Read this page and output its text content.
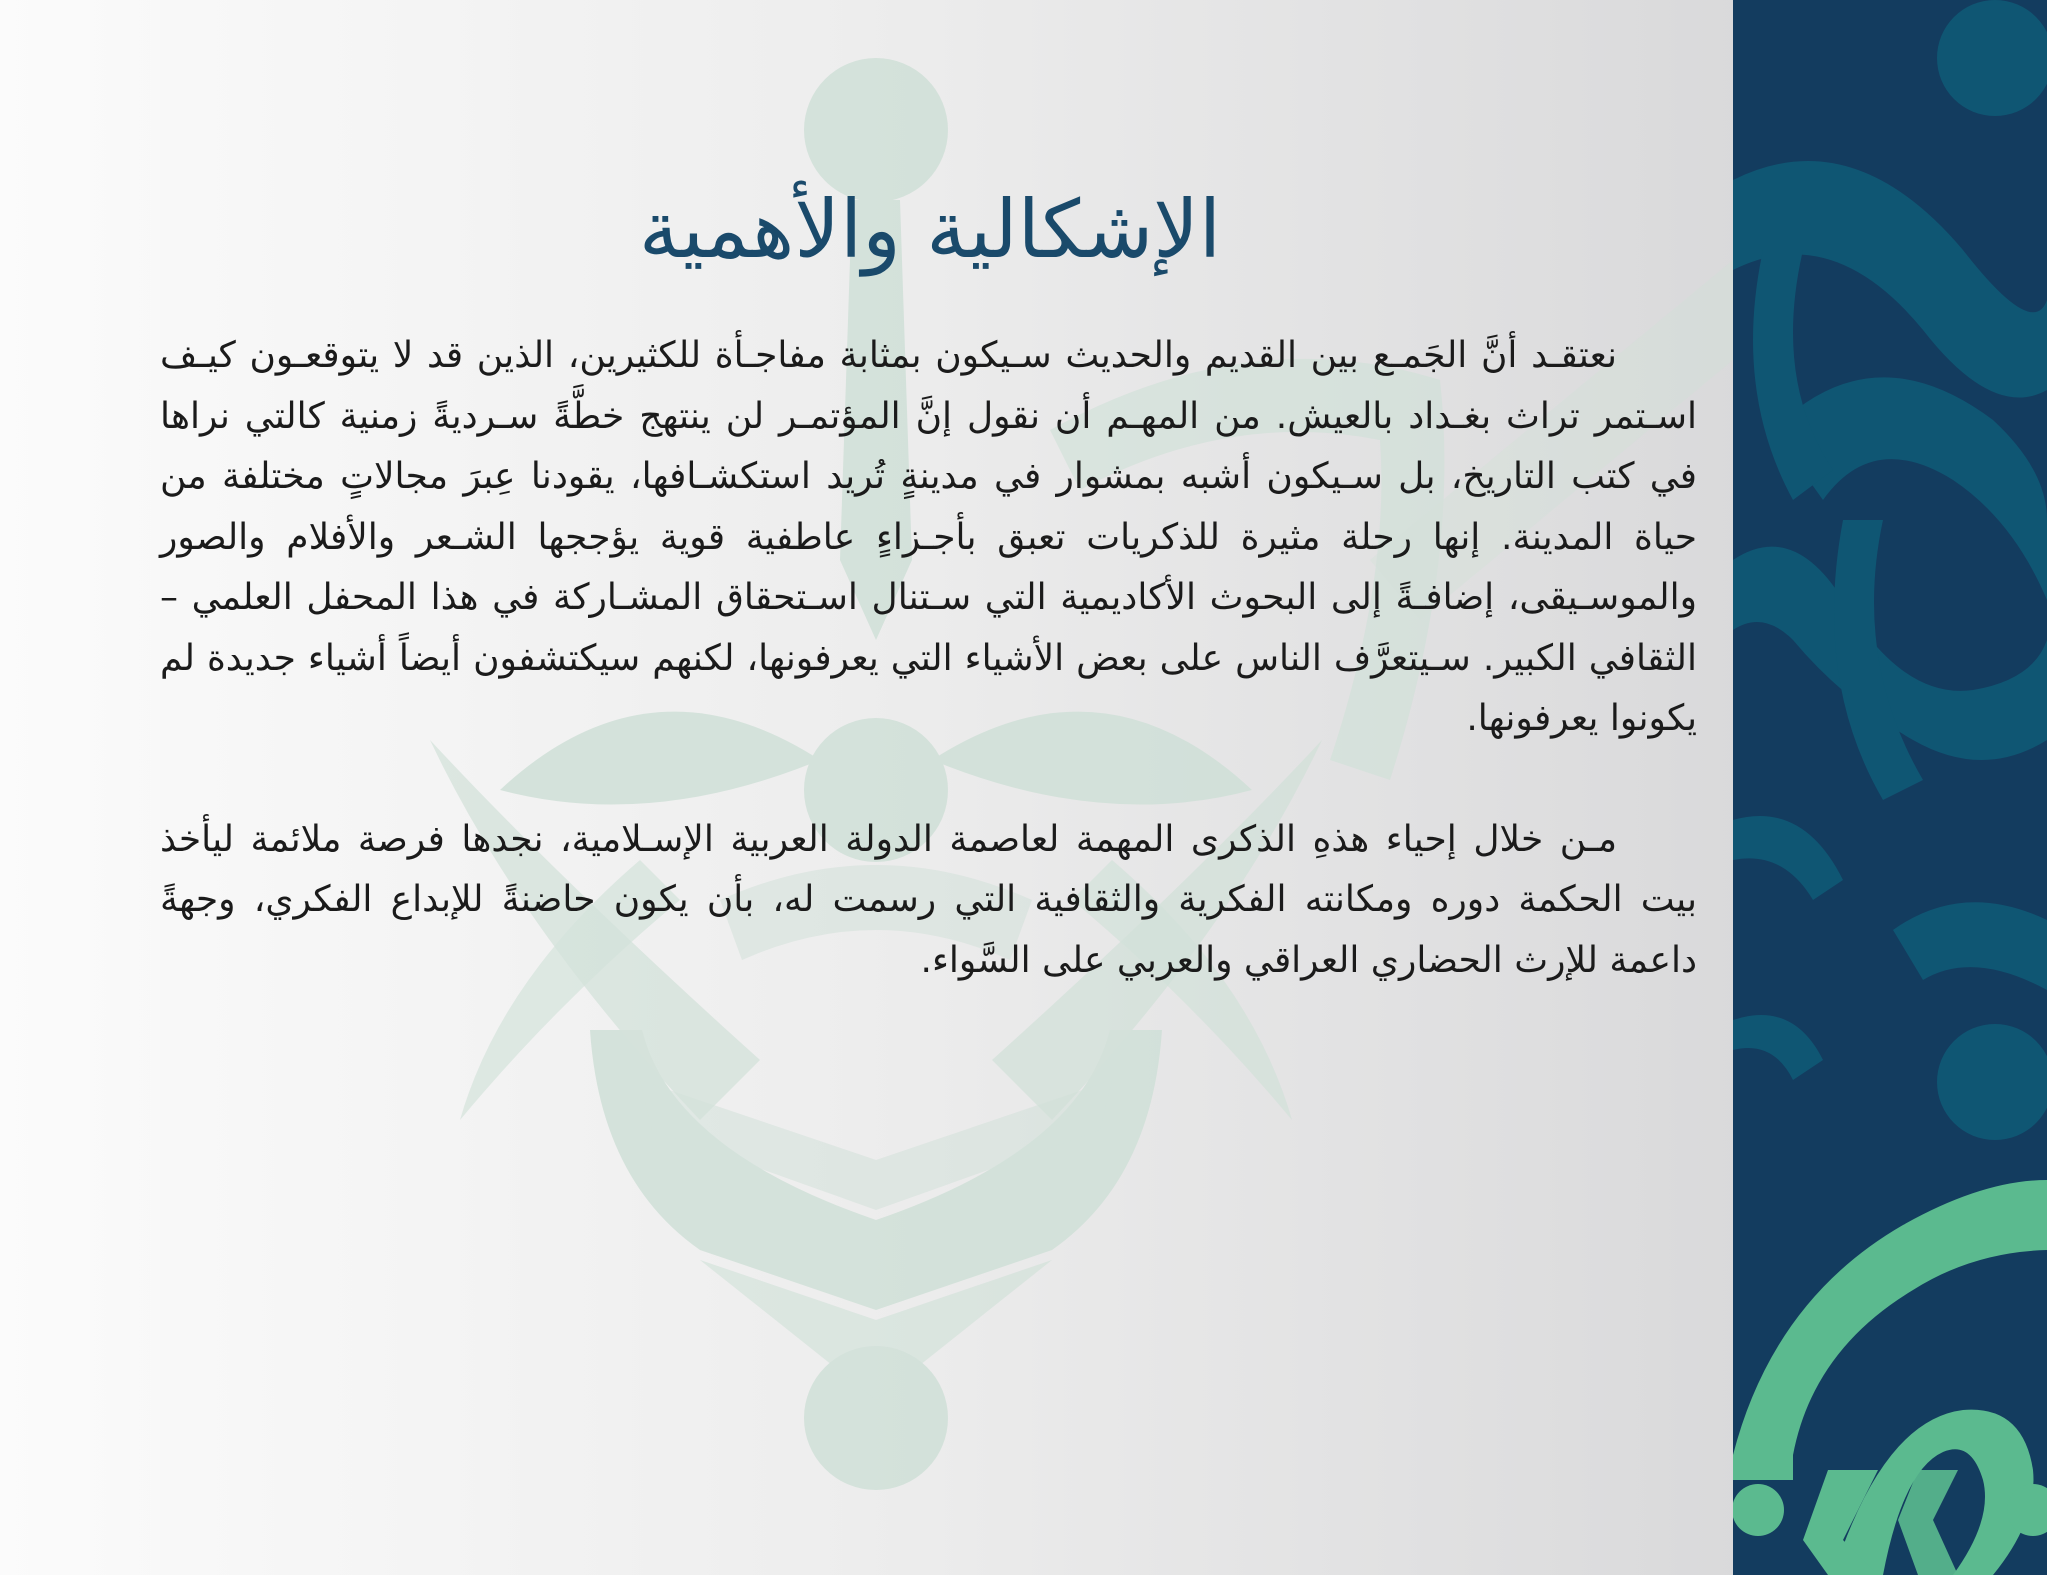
الإشكالية والأهمية

نعتقـد أنَّ الجَمـع بين القديم والحديث سـيكون بمثابة مفاجـأة للكثيرين، الذين قد لا يتوقعـون كيـف اسـتمر تراث بغـداد بالعيش. من المهـم أن نقول إنَّ المؤتمـر لن ينتهج خطَّةً سـرديةً زمنية كالتي نراها في كتب التاريخ، بل سـيكون أشبه بمشوار في مدينةٍ تُريد استكشـافها، يقودنا عِبرَ مجالاتٍ مختلفة من حياة المدينة. إنها رحلة مثيرة للذكريات تعبق بأجـزاءٍ عاطفية قوية يؤججها الشـعر والأفلام والصور والموسـيقى، إضافـةً إلى البحوث الأكاديمية التي سـتنال اسـتحقاق المشـاركة في هذا المحفل العلمي – الثقافي الكبير. سـيتعرَّف الناس على بعض الأشياء التي يعرفونها، لكنهم سيكتشفون أيضاً أشياء جديدة لم يكونوا يعرفونها.

مـن خلال إحياء هذهِ الذكرى المهمة لعاصمة الدولة العربية الإسـلامية، نجدها فرصة ملائمة ليأخذ بيت الحكمة دوره ومكانته الفكرية والثقافية التي رسمت له، بأن يكون حاضنةً للإبداع الفكري، وجهةً داعمة للإرث الحضاري العراقي والعربي على السَّواء.
